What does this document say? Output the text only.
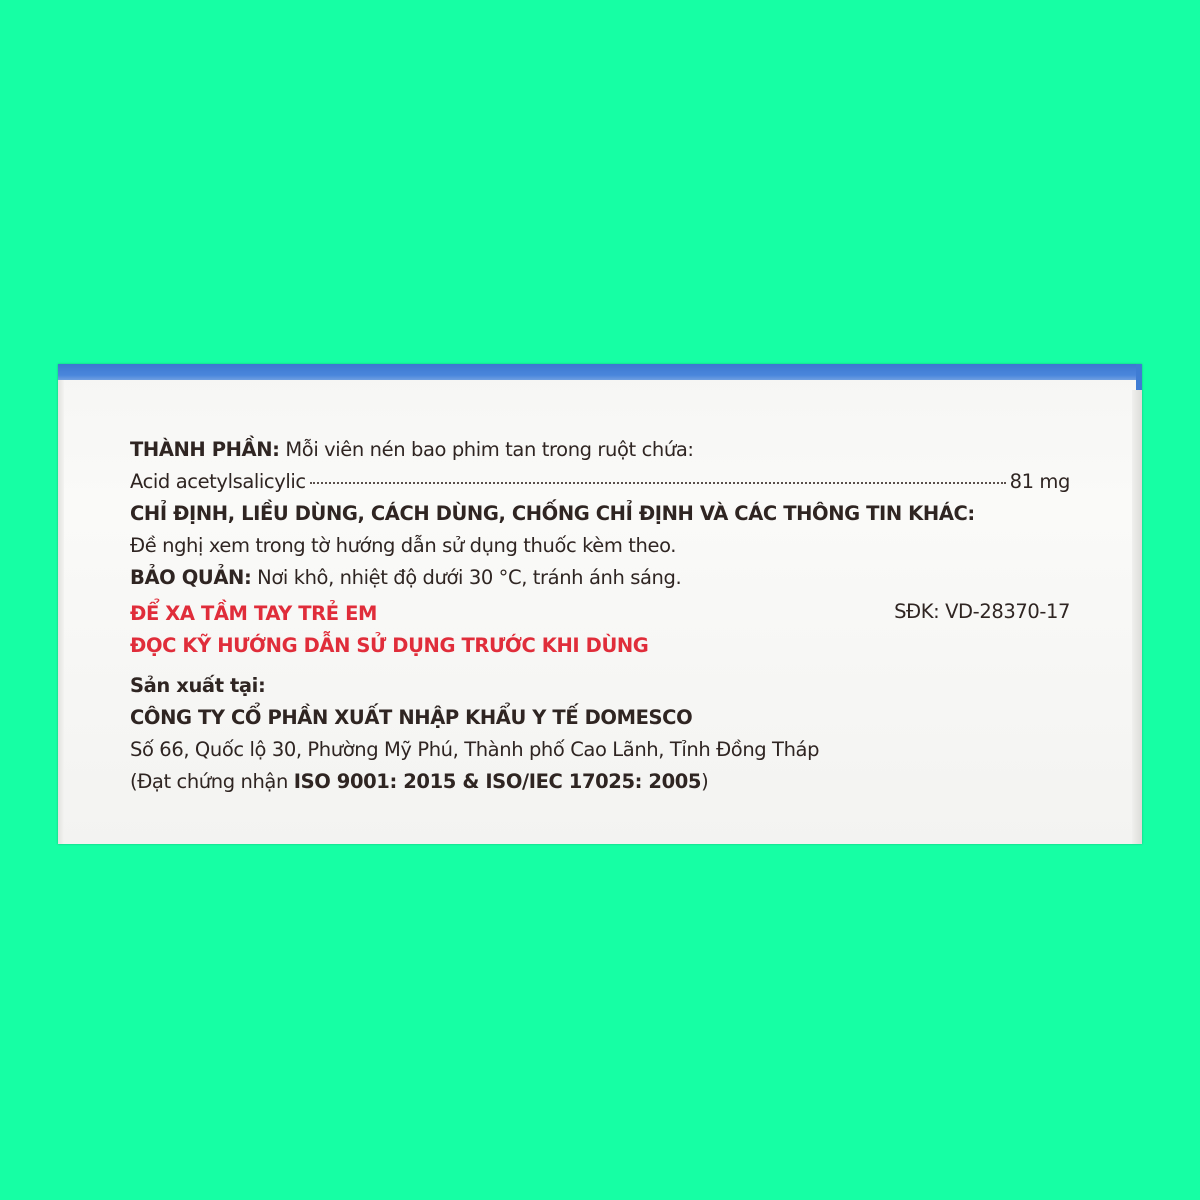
THÀNH PHẦN: Mỗi viên nén bao phim tan trong ruột chứa:
Acid acetylsalicylic	81 mg
CHỈ ĐỊNH, LIỀU DÙNG, CÁCH DÙNG, CHỐNG CHỈ ĐỊNH VÀ CÁC THÔNG TIN KHÁC:
Đề nghị xem trong tờ hướng dẫn sử dụng thuốc kèm theo.
BẢO QUẢN: Nơi khô, nhiệt độ dưới 30 °C, tránh ánh sáng.
ĐỂ XA TẦM TAY TRẺ EM	SĐK: VD-28370-17
ĐỌC KỸ HƯỚNG DẪN SỬ DỤNG TRƯỚC KHI DÙNG
Sản xuất tại:
CÔNG TY CỔ PHẦN XUẤT NHẬP KHẨU Y TẾ DOMESCO
Số 66, Quốc lộ 30, Phường Mỹ Phú, Thành phố Cao Lãnh, Tỉnh Đồng Tháp
(Đạt chứng nhận ISO 9001: 2015 & ISO/IEC 17025: 2005)
